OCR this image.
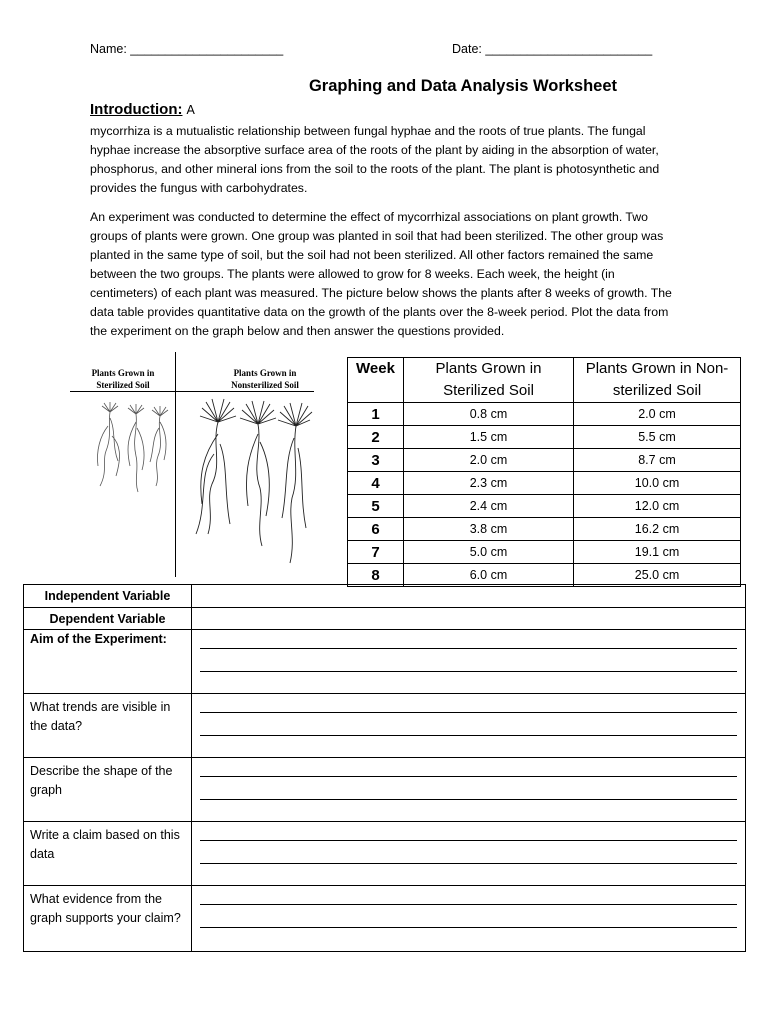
Name: ______________________	Date: ________________________
Graphing and Data Analysis Worksheet
Introduction: A
mycorrhiza is a mutualistic relationship between fungal hyphae and the roots of true plants. The fungal hyphae increase the absorptive surface area of the roots of the plant by aiding in the absorption of water, phosphorus, and other mineral ions from the soil to the roots of the plant. The plant is photosynthetic and provides the fungus with carbohydrates.
An experiment was conducted to determine the effect of mycorrhizal associations on plant growth. Two groups of plants were grown. One group was planted in soil that had been sterilized. The other group was planted in the same type of soil, but the soil had not been sterilized. All other factors remained the same between the two groups. The plants were allowed to grow for 8 weeks. Each week, the height (in centimeters) of each plant was measured. The picture below shows the plants after 8 weeks of growth. The data table provides quantitative data on the growth of the plants over the 8-week period. Plot the data from the experiment on the graph below and then answer the questions provided.
Plants Grown in Sterilized Soil
Plants Grown in Nonsterilized Soil
Week	Plants Grown in Sterilized Soil	Plants Grown in Non-sterilized Soil
1	0.8 cm	2.0 cm
2	1.5 cm	5.5 cm
3	2.0 cm	8.7 cm
4	2.3 cm	10.0 cm
5	2.4 cm	12.0 cm
6	3.8 cm	16.2 cm
7	5.0 cm	19.1 cm
8	6.0 cm	25.0 cm
Independent Variable	
Dependent Variable	
Aim of the Experiment:	

What trends are visible in the data?	

Describe the shape of the graph	

Write a claim based on this data	

What evidence from the graph supports your claim?	
